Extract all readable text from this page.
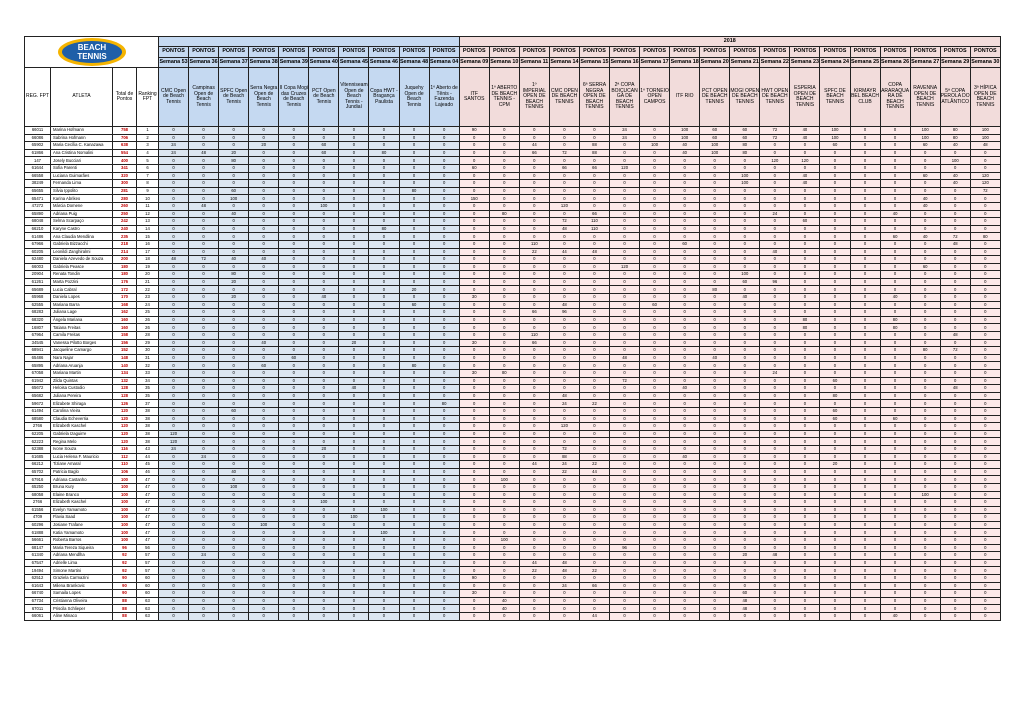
BEACH
TENNIS														2018																	
				PONTOS	PONTOS	PONTOS	PONTOS	PONTOS	PONTOS	PONTOS	PONTOS	PONTOS	PONTOS	PONTOS	PONTOS	PONTOS	PONTOS	PONTOS	PONTOS	PONTOS	PONTOS	PONTOS	PONTOS	PONTOS	PONTOS	PONTOS	PONTOS	PONTOS	PONTOS	PONTOS	PONTOS
				Semana 53	Semana 36	Semana 37	Semana 38	Semana 39	Semana 40	Semana 45	Semana 46	Semana 48	Semana 04	Semana 09	Semana 10	Semana 11	Semana 14	Semana 15	Semana 16	Semana 17	Semana 18	Semana 20	Semana 21	Semana 22	Semana 23	Semana 24	Semana 25	Semana 26	Semana 27	Semana 29	Semana 30
REG. FPT	ATLETA	Total de Pontos	Ranking FPT	CMC Open de Beach Tennis	Campinas Open de Beach Tennis	SPFC Open de Beach Tennis	Serra Negra Open de Beach Tennis	II Copa Mogi das Cruzes de Beach Tennis	PCT Open de Beach Tennis	Vitenniseam Open de Beach Tennis - Jundiaí	Copa HWT - Bragança Paulista	Juquehy Open de Beach Tennis	1º Aberto de Tênis - Fazenda Lajeado	ITF SANTOS	1º ABERTO DE BEACH TENNIS - CPM	1º IMPERIAL OPEN DE BEACH TENNIS	CMC OPEN DE BEACH TENNIS	6ª SERRA NEGRA OPEN DE BEACH TENNIS	2ª COPA BOIÇUCANGA DE BEACH TENNIS	1º TORNEIO OPEN CAMPOS	ITF RIO	PCT OPEN DE BEACH TENNIS	MOGI OPEN DE BEACH TENNIS	HWT OPEN DE BEACH TENNIS	ESPERIA OPEN DE BEACH TENNIS	SPFC DE BEACH TENNIS	KIRMAYR BEL BEACH CLUB	COPA ARARAQUARA DE BEACH TENNIS	RAVENNA OPEN DE BEACH TENNIS	5ª COPA PEROLA DO ATLÂNTICO	3ª HÍPICA OPEN DE BEACH TENNIS
66011	Marina Hofmann	758	1	0	0	0	0	0	0	0	0	0	0	90	0	0	0	0	24	0	100	60	60	72	40	100	0	0	100	80	100
66086	Sabrina Hofmann	706	2	0	0	0	0	0	0	0	0	0	0	0	0	0	0	0	24	0	100	60	60	72	40	100	0	0	100	80	100
65902	Maria Cecília C. Kanazawa	638	3	24	0	0	20	0	60	0	0	0	0	0	0	44	0	88	0	100	40	100	80	0	0	60	0	0	60	40	48
61866	Ana Cristina Nomalini	554	4	24	48	20	0	0	60	0	80	0	0	0	0	66	72	88	0	0	40	100	80	0	0	0	0	0	0	0	0
147	Josely Bucciari	400	5	0	0	80	0	0	0	0	0	0	0	0	0	0	0	0	0	0	0	0	0	120	120	0	0	0	0	100	0
61644	Sofia Parenti	341	6	0	0	0	0	0	0	0	0	0	0	60	0	0	66	66	120	0	0	0	0	0	0	0	0	0	0	0	0
66558	Luciana Guimarães	320	7	0	0	0	0	0	0	0	0	0	0	0	0	0	0	0	0	0	0	0	100	0	40	0	0	0	60	40	120
38249	Fernanda Lima	300	8	0	0	0	0	0	0	0	0	0	0	0	0	0	0	0	0	0	0	0	100	0	40	0	0	0	0	40	120
65655	Silvia Ippolito	281	9	0	0	60	0	0	0	0	0	80	0	0	0	0	0	0	0	0	0	0	0	0	0	0	0	0	0	0	72
65471	Karina Abrikeo	280	10	0	0	100	0	0	0	0	0	0	0	150	0	0	0	0	0	0	0	0	0	0	0	0	0	0	40	0	0
47272	Márcia Domene	260	11	0	48	0	0	0	100	0	0	0	0	0	0	0	120	0	0	0	0	0	0	0	0	0	0	0	40	0	0
65890	Adriana Puig	250	12	0	0	40	0	0	0	0	0	0	0	0	80	0	0	66	0	0	0	0	0	24	0	0	0	40	0	0	0
68048	Selma Scarpaço	242	13	0	0	0	0	0	0	0	0	0	0	0	0	0	72	110	0	0	0	0	0	0	60	0	0	0	0	0	0
66210	Karyne Castro	240	14	0	0	0	0	0	0	0	80	0	0	0	0	0	48	110	0	0	0	0	0	0	0	0	0	0	0	0	0
61486	Ana Claudia Mendlina	235	15	0	0	0	0	0	0	0	0	0	0	0	0	0	0	0	0	0	0	0	0	0	0	0	0	60	40	72	80
67966	Gabriela Bizzacchi	218	16	0	0	0	0	0	0	0	0	0	0	0	0	110	0	0	0	0	60	0	0	0	0	0	0	0	0	48	0
60205	Leonildi Zanghiralmi	214	17	0	0	0	0	0	0	0	0	0	0	0	0	22	44	48	0	0	0	0	0	40	0	0	0	0	0	0	0
62480	Daniela Azevedo de Souza	200	18	48	72	40	40	0	0	0	0	0	0	0	0	0	0	0	0	0	0	0	0	0	0	0	0	0	0	0	0
66003	Gabriela Peasce	180	19	0	0	0	0	0	0	0	0	0	0	0	0	0	0	0	120	0	0	0	0	0	0	0	0	0	60	0	0
20904	Renata Tondin	180	20	0	0	80	0	0	0	0	0	0	0	0	0	0	0	0	0	0	0	0	100	0	0	0	0	0	0	0	0
61261	Marta Pozzini	176	21	0	0	20	0	0	0	0	0	0	0	0	0	0	0	0	0	0	0	0	60	96	0	0	0	0	0	0	0
65689	Lucia Cabral	172	22	0	0	0	0	0	0	0	0	20	0	0	0	0	0	0	0	0	0	80	0	0	0	0	0	0	0	0	0
65968	Daniela Lopes	170	23	0	0	20	0	0	40	0	0	0	0	30	0	0	0	0	0	0	0	0	40	0	0	0	0	40	0	0	0
62555	Mariana Barra	168	24	0	0	0	0	0	0	0	0	60	0	0	0	0	48	0	0	60	0	0	0	0	0	0	0	0	0	0	0
68283	Juliana Lage	162	25	0	0	0	0	0	0	0	0	0	0	0	0	66	96	0	0	0	0	0	0	0	0	0	0	0	0	0	0
68320	Ângela Mariana	160	26	0	0	0	0	0	0	0	0	0	0	0	0	0	0	0	0	0	0	0	0	0	80	0	0	80	0	0	0
16807	Tatiana Freitas	160	26	0	0	0	0	0	0	0	0	0	0	0	0	0	0	0	0	0	0	0	0	0	80	0	0	80	0	0	0
67964	Camila Freitas	158	28	0	0	0	0	0	0	0	0	0	0	0	0	110	0	0	0	0	0	0	0	0	0	0	0	0	0	48	0
34545	Vanessa Pilotto Borges	156	29	0	0	0	40	0	0	20	0	0	0	30	0	66	0	0	0	0	0	0	0	0	0	0	0	0	0	0	0
68941	Jacqueline Camargo	152	30	0	0	0	0	0	0	0	0	0	0	0	0	0	0	0	0	0	0	0	0	0	0	0	0	0	80	72	0
65486	Nara Najar	148	31	0	0	0	0	60	0	0	0	0	0	0	0	0	0	0	48	0	0	40	0	0	0	0	0	0	0	0	0
65895	Adriana Aruanja	140	32	0	0	0	60	0	0	0	0	80	0	0	0	0	0	0	0	0	0	0	0	0	0	0	0	0	0	0	0
67058	Mariana Martin	134	33	0	0	0	0	0	0	0	0	0	0	30	80	0	0	0	0	0	0	0	0	24	0	0	0	0	0	0	0
61942	Zilda Quintas	132	34	0	0	0	0	0	0	0	0	0	0	0	0	0	0	0	72	0	0	0	0	0	0	60	0	0	0	0	0
65672	Heloisa Custodio	128	35	0	0	0	0	0	0	40	0	0	0	0	0	0	0	0	0	0	40	0	0	0	0	0	0	0	0	48	0
65682	Juliana Pereira	128	35	0	0	0	0	0	0	0	0	0	0	0	0	0	48	0	0	0	0	0	0	0	0	80	0	0	0	0	0
59672	Elizabete Shiraga	126	37	0	0	0	0	0	0	0	0	0	80	0	0	0	24	22	0	0	0	0	0	0	0	0	0	0	0	0	0
61494	Carolina Vieira	120	38	0	0	60	0	0	0	0	0	0	0	0	0	0	0	0	0	0	0	0	0	0	0	60	0	0	0	0	0
68580	Claudia Echeverria	120	38	0	0	0	0	0	0	0	0	0	0	0	0	0	0	0	0	0	0	0	0	0	0	60	0	60	0	0	0
2766	Elizabeth Kaschel	120	38	0	0	0	0	0	0	0	0	0	0	0	0	0	120	0	0	0	0	0	0	0	0	0	0	0	0	0	0
62205	Gabriela Izaguirre	120	38	120	0	0	0	0	0	0	0	0	0	0	0	0	0	0	0	0	0	0	0	0	0	0	0	0	0	0	0
62223	Regina Melo	120	38	120	0	0	0	0	0	0	0	0	0	0	0	0	0	0	0	0	0	0	0	0	0	0	0	0	0	0	0
62388	Ivone Souza	116	43	24	0	0	0	0	20	0	0	0	0	0	0	0	72	0	0	0	0	0	0	0	0	0	0	0	0	0	0
61685	Lucia Helena F. Mauricio	112	44	0	24	0	0	0	0	0	0	0	0	0	0	0	88	0	0	0	40	0	0	0	0	0	0	0	0	0	0
66212	Tiziane Amaral	110	45	0	0	0	0	0	0	0	0	0	0	0	0	44	24	22	0	0	0	0	0	0	0	20	0	0	0	0	0
65702	Patricia Baglo	106	46	0	0	40	0	0	0	0	0	0	0	0	0	0	22	44	0	0	0	0	0	0	0	0	0	0	0	0	0
67916	Adriana Castanho	100	47	0	0	0	0	0	0	0	0	0	0	0	100	0	0	0	0	0	0	0	0	0	0	0	0	0	0	0	0
65250	Bruna Kury	100	47	0	0	100	0	0	0	0	0	0	0	0	0	0	0	0	0	0	0	0	0	0	0	0	0	0	0	0	0
68058	Elaine Branco	100	47	0	0	0	0	0	0	0	0	0	0	0	0	0	0	0	0	0	0	0	0	0	0	0	0	0	100	0	0
2766	Elizabeth Kaschel	100	47	0	0	0	0	0	100	0	0	0	0	0	0	0	0	0	0	0	0	0	0	0	0	0	0	0	0	0	0
61556	Evelyn Yamamoto	100	47	0	0	0	0	0	0	0	100	0	0	0	0	0	0	0	0	0	0	0	0	0	0	0	0	0	0	0	0
4709	Flavia Saad	100	47	0	0	0	0	0	0	100	0	0	0	0	0	0	0	0	0	0	0	0	0	0	0	0	0	0	0	0	0
60296	Josiane Trafane	100	47	0	0	0	100	0	0	0	0	0	0	0	0	0	0	0	0	0	0	0	0	0	0	0	0	0	0	0	0
61888	Katia Yamamoto	100	47	0	0	0	0	0	0	0	100	0	0	0	0	0	0	0	0	0	0	0	0	0	0	0	0	0	0	0	0
56661	Roberta Barros	100	47	0	0	0	0	0	0	0	0	0	0	0	100	0	0	0	0	0	0	0	0	0	0	0	0	0	0	0	0
68147	Maria Tereza Siqueira	96	56	0	0	0	0	0	0	0	0	0	0	0	0	0	0	0	96	0	0	0	0	0	0	0	0	0	0	0	0
61340	Adriana Mendlha	92	57	0	24	0	0	0	0	0	0	0	0	0	0	0	0	0	0	0	0	0	20	48	0	0	0	0	0	0	0
67547	Adrielle Lima	92	57	0	0	0	0	0	0	0	0	0	0	0	0	44	48	0	0	0	0	0	0	0	0	0	0	0	0	0	0
19494	Simone Martini	92	57	0	0	0	0	0	0	0	0	0	0	0	0	22	48	22	0	0	0	0	0	0	0	0	0	0	0	0	0
62512	Graziela Carmazini	90	60	0	0	0	0	0	0	0	0	0	0	90	0	0	0	0	0	0	0	0	0	0	0	0	0	0	0	0	0
61643	Milena Brankovic	90	60	0	0	0	0	0	0	0	0	0	0	0	0	0	24	66	0	0	0	0	0	0	0	0	0	0	0	0	0
66740	Samaila Lopes	90	60	0	0	0	0	0	0	0	0	0	0	30	0	0	0	0	0	0	0	0	60	0	0	0	0	0	0	0	0
67734	Cristianna Oliveira	88	63	0	0	0	0	0	0	0	0	0	0	0	40	0	0	0	0	0	0	0	48	0	0	0	0	0	0	0	0
67011	Priscila Schlieper	88	63	0	0	0	0	0	0	0	0	0	0	0	40	0	0	0	0	0	0	0	48	0	0	0	0	0	0	0	0
66061	Aline Minaco	88	63	0	0	0	0	0	0	0	0	0	0	0	0	0	0	44	0	0	0	0	0	0	0	0	0	40	0	0	0
